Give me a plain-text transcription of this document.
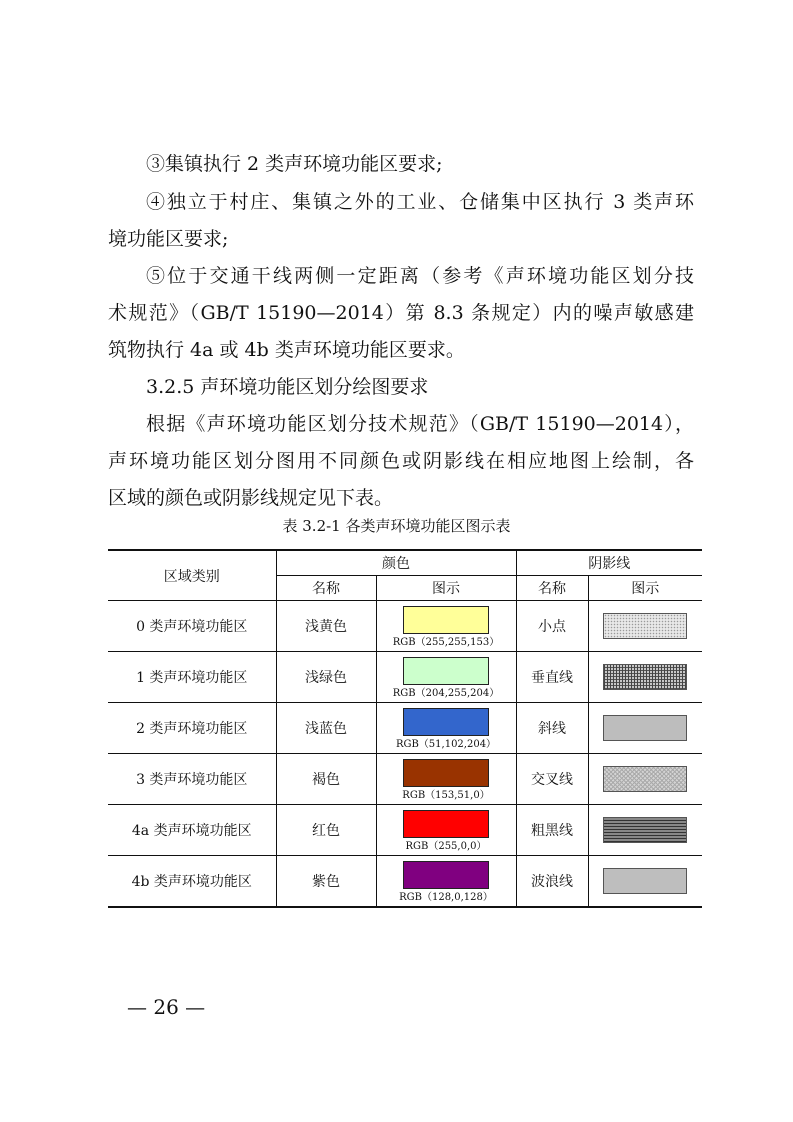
③集镇执行 2 类声环境功能区要求;

④独立于村庄、集镇之外的工业、仓储集中区执行 3 类声环
境功能区要求;
⑤位于交通干线两侧一定距离（参考《声环境功能区划分技
术规范》（GB/T 15190—2014）第 8.3 条规定）内的噪声敏感建
筑物执行 4a 或 4b 类声环境功能区要求。
3.2.5 声环境功能区划分绘图要求
根据《声环境功能区划分技术规范》（GB/T 15190—2014），
声环境功能区划分图用不同颜色或阴影线在相应地图上绘制，各
区域的颜色或阴影线规定见下表。
表 3.2-1 各类声环境功能区图示表
区域类别	颜色		阴影线	
	名称	图示	名称	图示
0 类声环境功能区	浅黄色	RGB（255,255,153）	小点	

1 类声环境功能区	浅绿色	RGB（204,255,204）	垂直线	

2 类声环境功能区	浅蓝色	RGB（51,102,204）	斜线	

3 类声环境功能区	褐色	RGB（153,51,0）	交叉线	

4a 类声环境功能区	红色	RGB（255,0,0）	粗黑线	

4b 类声环境功能区	紫色	RGB（128,0,128）	波浪线	
— 26 —
